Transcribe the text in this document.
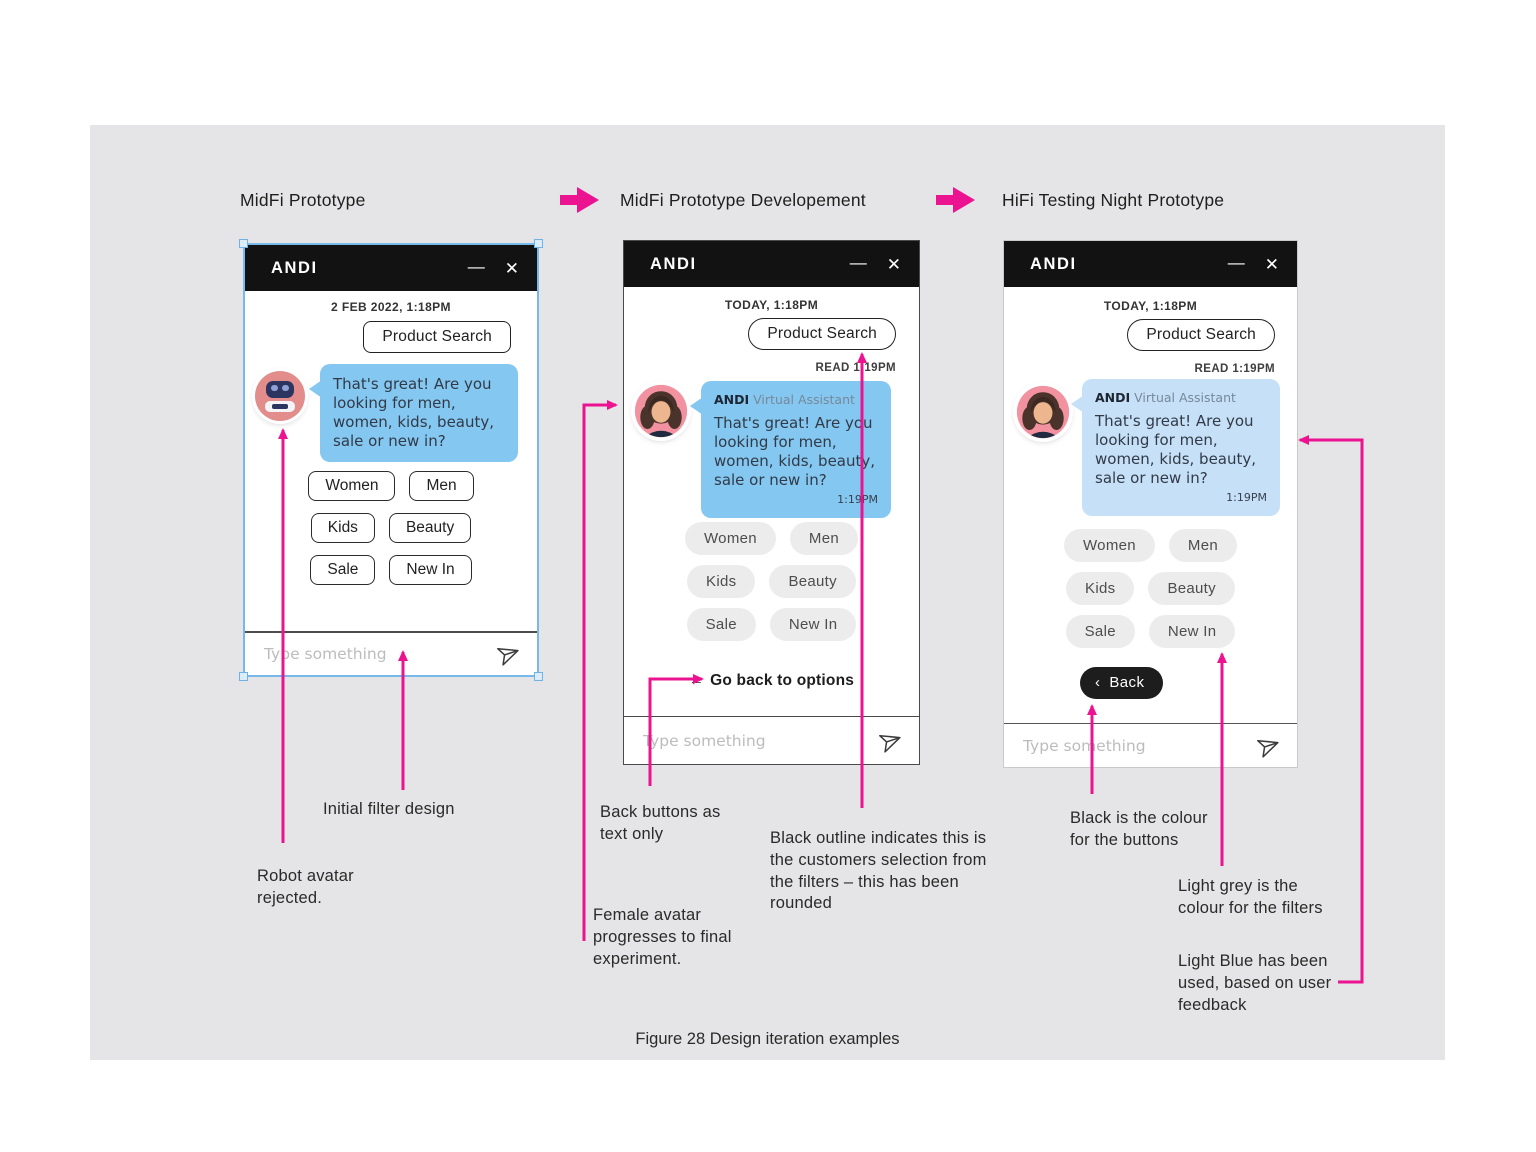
MidFi Prototype	MidFi Prototype Developement	HiFi Testing Night Prototype
ANDI	— ✕
2 FEB 2022, 1:18PM
Product Search
That's great! Are you looking for men, women, kids, beauty, sale or new in?
Women	Men
Kids	Beauty
Sale	New In
Type something
ANDI	— ✕
TODAY, 1:18PM
Product Search
READ 1:19PM
ANDI Virtual Assistant
That's great! Are you looking for men, women, kids, beauty, sale or new in?
1:19PM
Women	Men
Kids	Beauty
Sale	New In
← Go back to options
Type something
ANDI	— ✕
TODAY, 1:18PM
Product Search
READ 1:19PM
ANDI Virtual Assistant
That's great! Are you looking for men, women, kids, beauty, sale or new in?
1:19PM
Women	Men
Kids	Beauty
Sale	New In
‹ Back
Type something
Initial filter design
Robot avatar rejected.
Back buttons as text only
Female avatar progresses to final experiment.
Black outline indicates this is the customers selection from the filters – this has been rounded
Black is the colour for the buttons
Light grey is the colour for the filters
Light Blue has been used, based on user feedback
Figure 28 Design iteration examples
